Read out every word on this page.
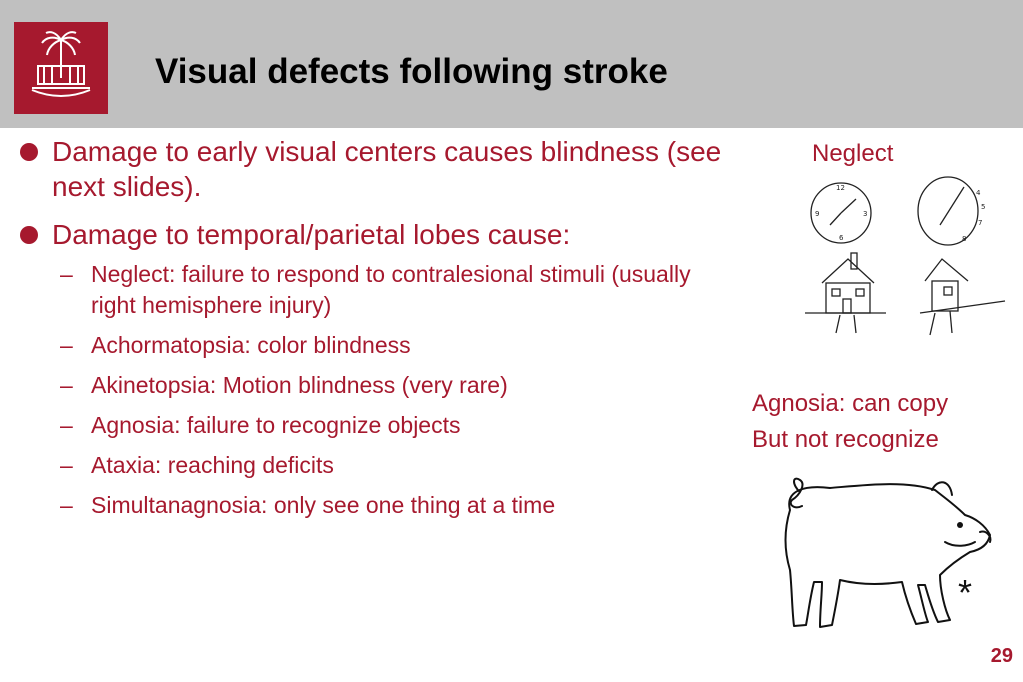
Visual defects following stroke
Damage to early visual centers causes blindness (see next slides).
Damage to temporal/parietal lobes cause:
– Neglect: failure to respond to contralesional stimuli (usually right hemisphere injury)
– Achormatopsia: color blindness
– Akinetopsia: Motion blindness (very rare)
– Agnosia: failure to recognize objects
– Ataxia: reaching deficits
– Simultanagnosia: only see one thing at a time
Neglect
12
3
6
9
4
5
7
8
Agnosia: can copy
But not recognize
*
29
